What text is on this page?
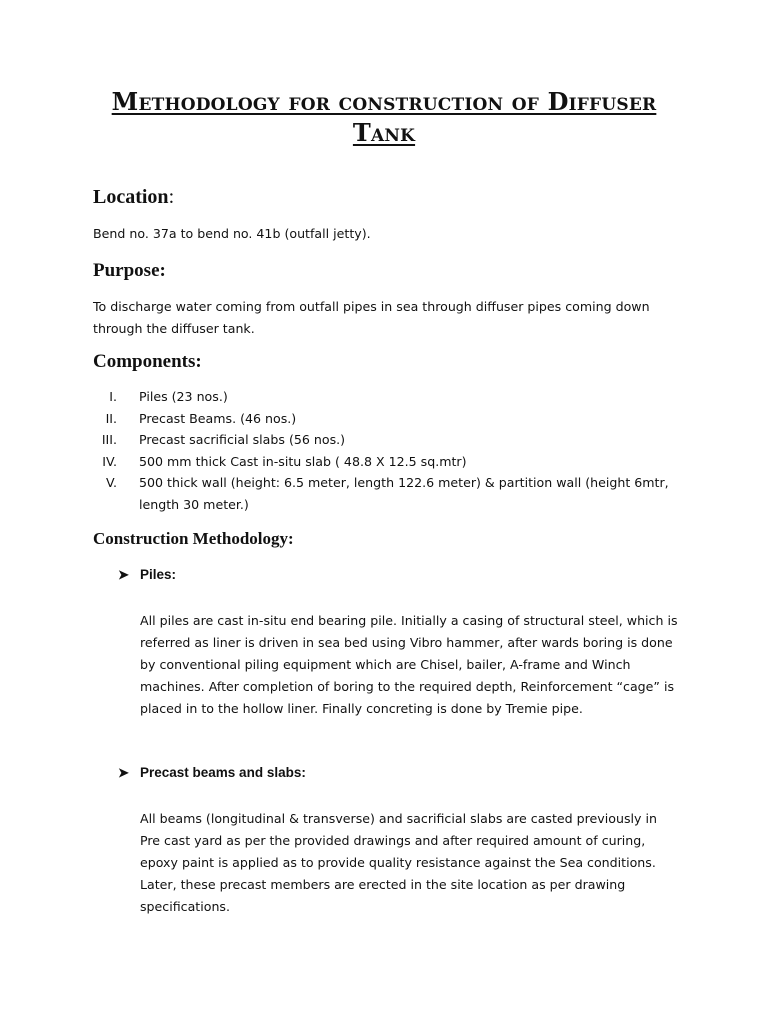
Methodology for construction of Diffuser
Tank
Location:
Bend no. 37a to bend no. 41b (outfall jetty).
Purpose:
To discharge water coming from outfall pipes in sea through diffuser pipes coming down through the diffuser tank.
Components:
I. Piles (23 nos.)
II. Precast Beams. (46 nos.)
III. Precast sacrificial slabs (56 nos.)
IV. 500 mm thick Cast in-situ slab ( 48.8 X 12.5 sq.mtr)
V. 500 thick wall (height: 6.5 meter, length 122.6 meter) & partition wall (height 6mtr, length 30 meter.)
Construction Methodology:
➤ Piles:
All piles are cast in-situ end bearing pile. Initially a casing of structural steel, which is referred as liner is driven in sea bed using Vibro hammer, after wards boring is done by conventional piling equipment which are Chisel, bailer, A-frame and Winch machines. After completion of boring to the required depth, Reinforcement “cage” is placed in to the hollow liner. Finally concreting is done by Tremie pipe.
➤ Precast beams and slabs:
All beams (longitudinal & transverse) and sacrificial slabs are casted previously in Pre cast yard as per the provided drawings and after required amount of curing, epoxy paint is applied as to provide quality resistance against the Sea conditions. Later, these precast members are erected in the site location as per drawing specifications.
